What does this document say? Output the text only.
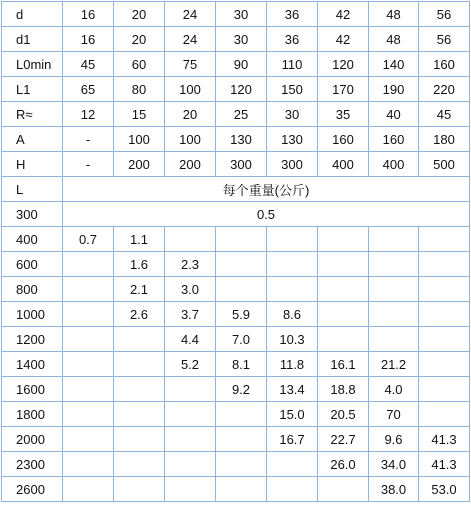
d	16	20	24	30	36	42	48	56
d1	16	20	24	30	36	42	48	56
L0min	45	60	75	90	110	120	140	160
L1	65	80	100	120	150	170	190	220
R≈	12	15	20	25	30	35	40	45
A	-	100	100	130	130	160	160	180
H	-	200	200	300	300	400	400	500
L	每个重量(公斤)							
300	0.5							
400	0.7	1.1						
600		1.6	2.3					
800		2.1	3.0					
1000		2.6	3.7	5.9	8.6			
1200			4.4	7.0	10.3			
1400			5.2	8.1	11.8	16.1	21.2	
1600				9.2	13.4	18.8	4.0	
1800					15.0	20.5	70	
2000					16.7	22.7	9.6	41.3
2300						26.0	34.0	41.3
2600							38.0	53.0
